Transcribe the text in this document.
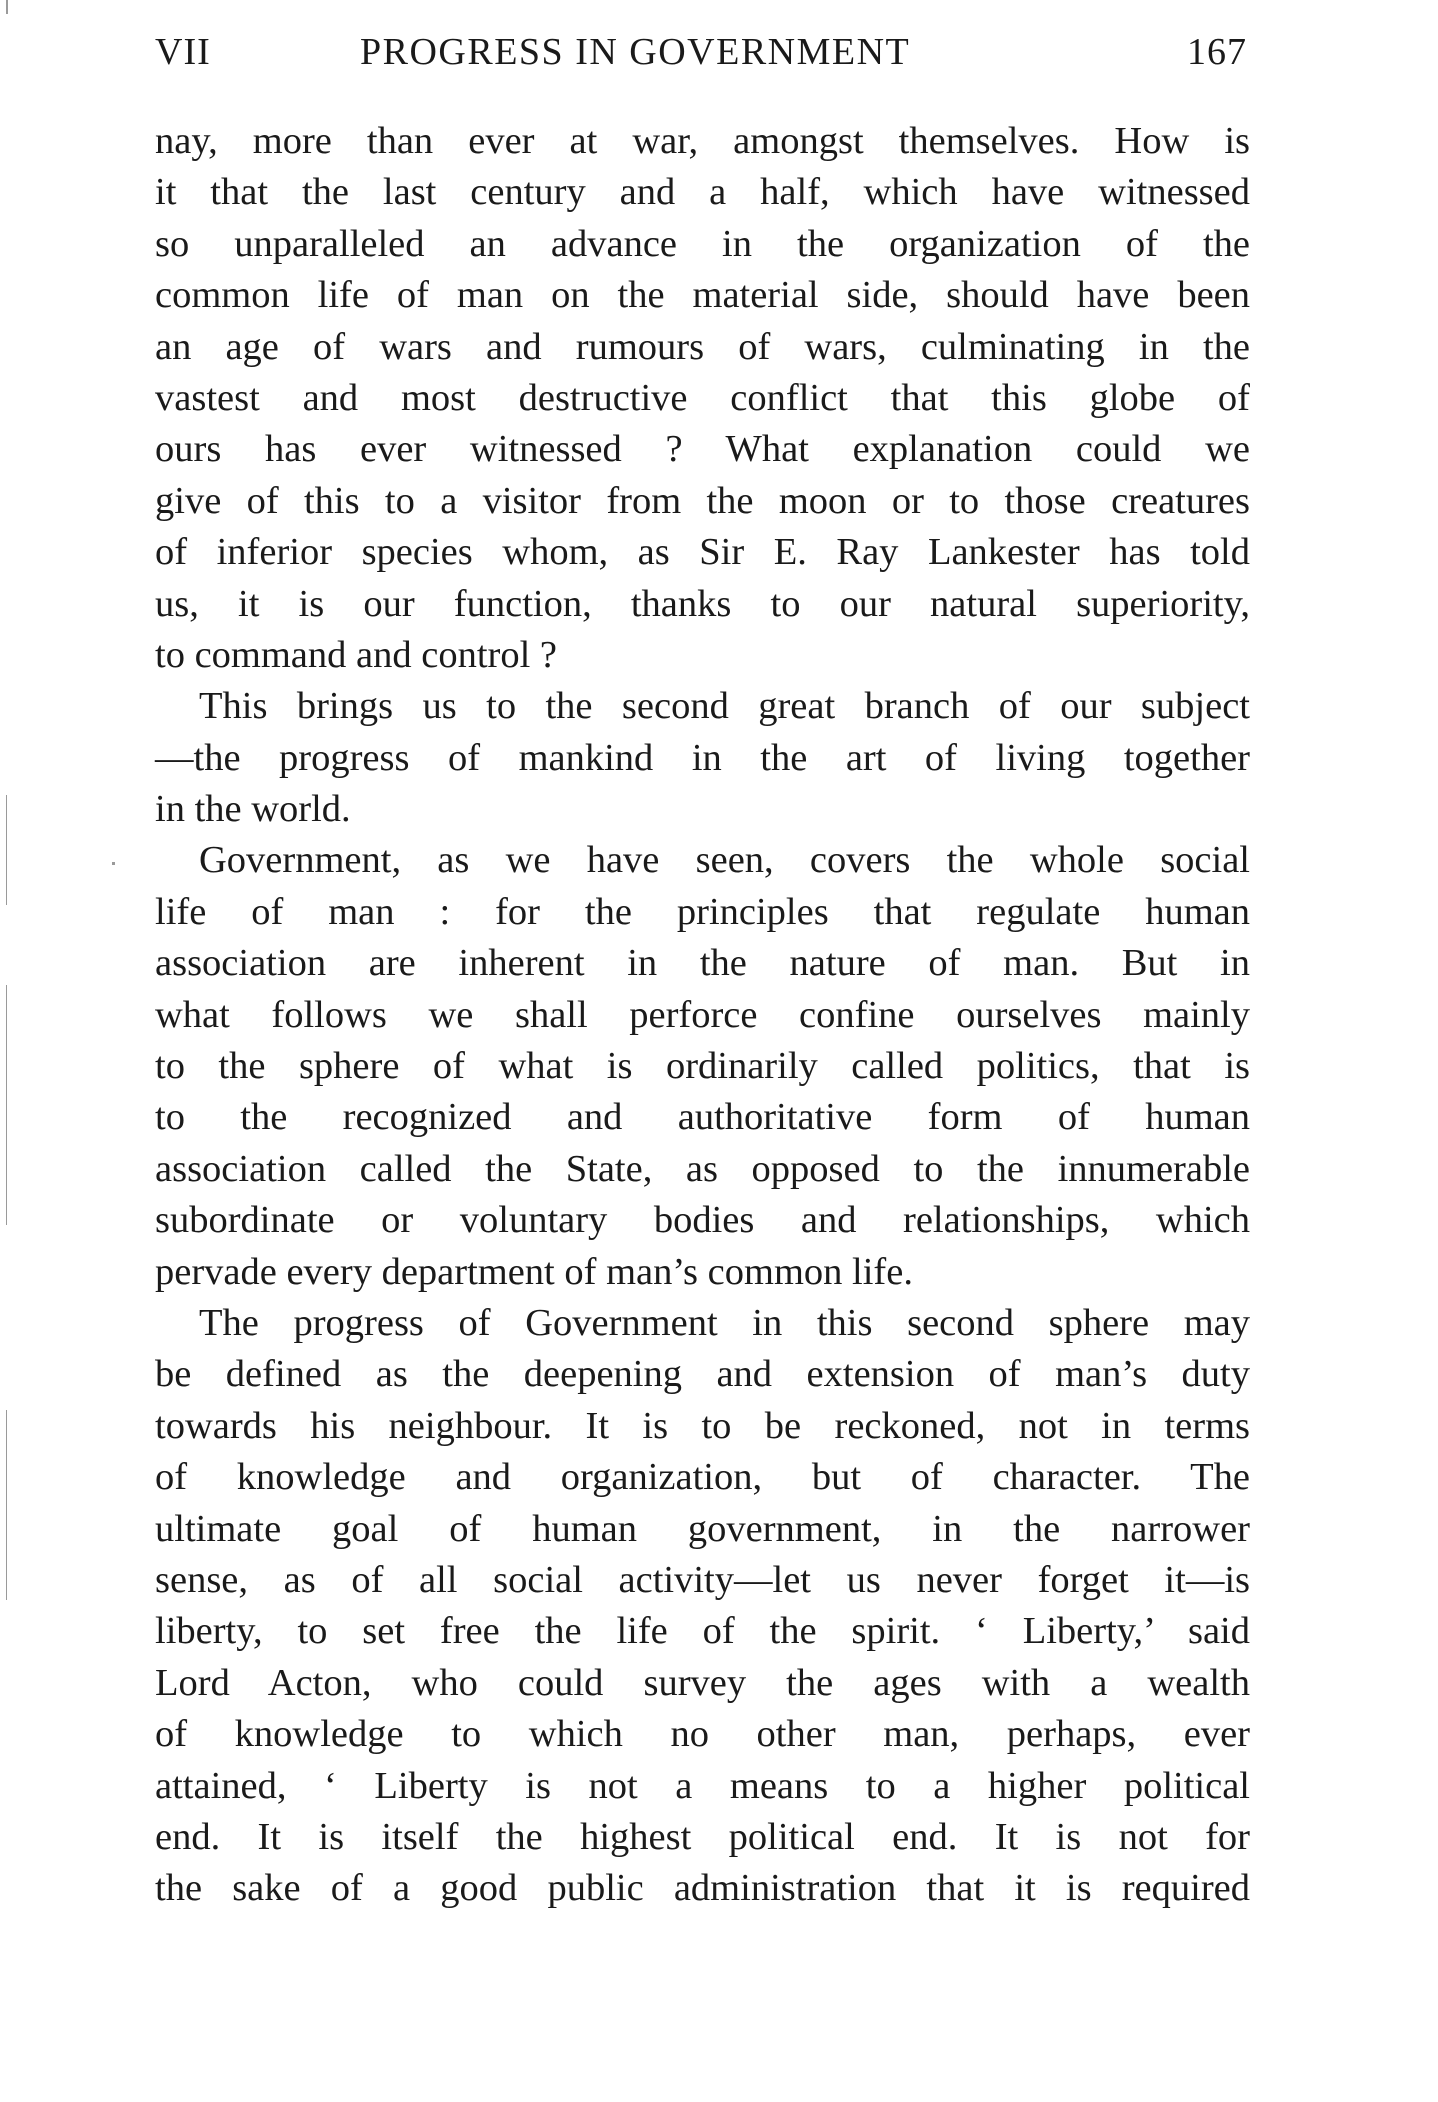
VII	PROGRESS IN GOVERNMENT	167
nay, more than ever at war, amongst themselves. How is
it that the last century and a half, which have witnessed
so unparalleled an advance in the organization of the
common life of man on the material side, should have been
an age of wars and rumours of wars, culminating in the
vastest and most destructive conflict that this globe of
ours has ever witnessed ? What explanation could we
give of this to a visitor from the moon or to those creatures
of inferior species whom, as Sir E. Ray Lankester has told
us, it is our function, thanks to our natural superiority,
to command and control ?
This brings us to the second great branch of our subject
—the progress of mankind in the art of living together
in the world.
Government, as we have seen, covers the whole social
life of man : for the principles that regulate human
association are inherent in the nature of man. But in
what follows we shall perforce confine ourselves mainly
to the sphere of what is ordinarily called politics, that is
to the recognized and authoritative form of human
association called the State, as opposed to the innumerable
subordinate or voluntary bodies and relationships, which
pervade every department of man’s common life.
The progress of Government in this second sphere may
be defined as the deepening and extension of man’s duty
towards his neighbour. It is to be reckoned, not in terms
of knowledge and organization, but of character. The
ultimate goal of human government, in the narrower
sense, as of all social activity—let us never forget it—is
liberty, to set free the life of the spirit. ‘ Liberty,’ said
Lord Acton, who could survey the ages with a wealth
of knowledge to which no other man, perhaps, ever
attained, ‘ Liberty is not a means to a higher political
end. It is itself the highest political end. It is not for
the sake of a good public administration that it is required
